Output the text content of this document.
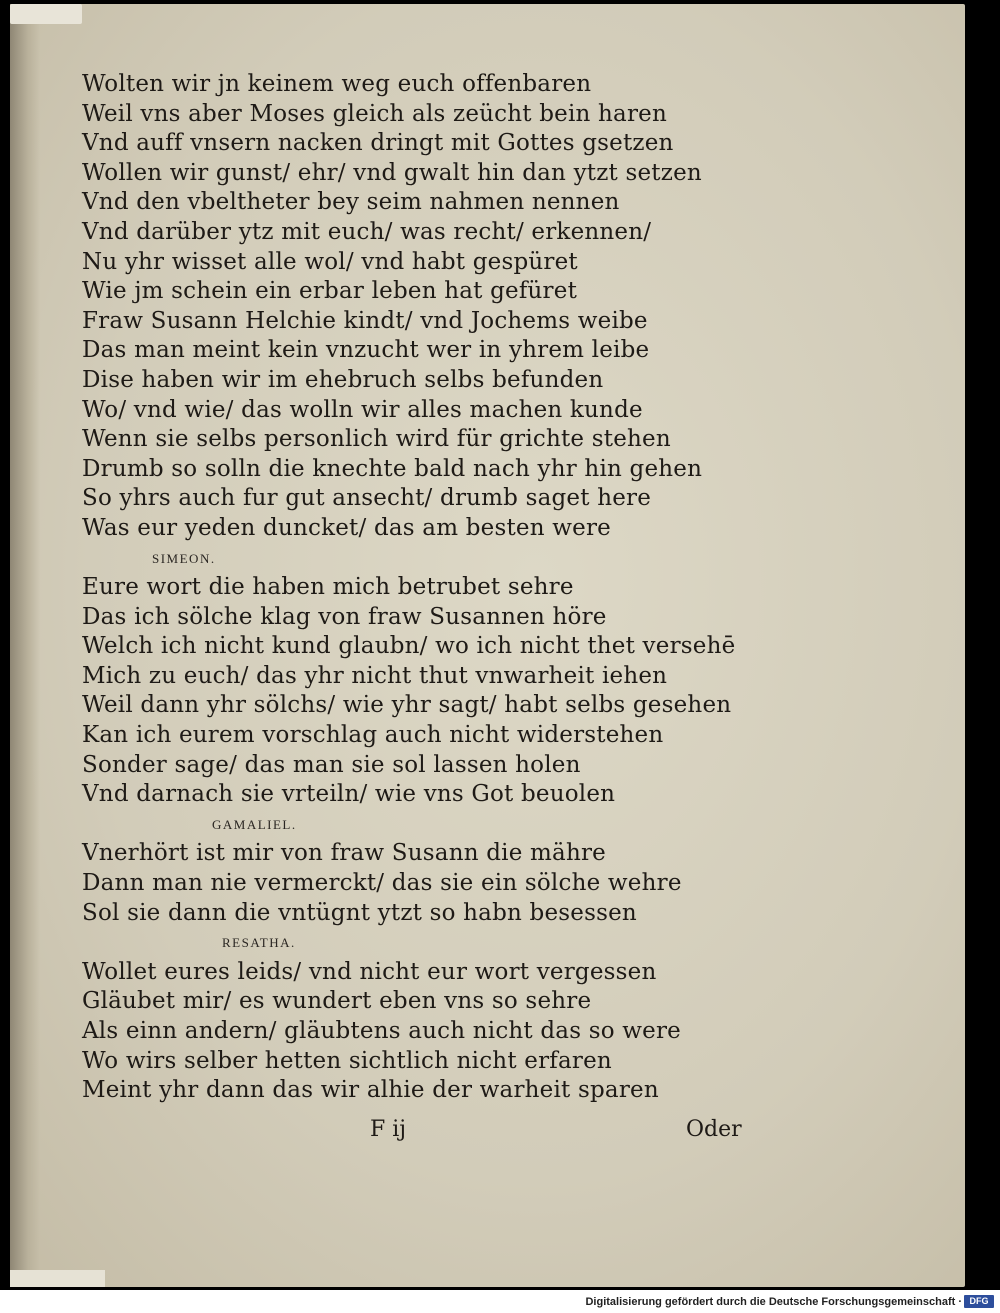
Wolten wir jn keinem weg euch offenbaren
Weil vns aber Moses gleich als zeücht bein haren
Vnd auff vnsern nacken dringt mit Gottes gsetzen
Wollen wir gunst/ ehr/ vnd gwalt hin dan ytzt setzen
Vnd den vbeltheter bey seim nahmen nennen
Vnd darüber ytz mit euch/ was recht/ erkennen/
Nu yhr wisset alle wol/ vnd habt gespüret
Wie jm schein ein erbar leben hat gefüret
Fraw Susann Helchie kindt/ vnd Jochems weibe
Das man meint kein vnzucht wer in yhrem leibe
Dise haben wir im ehebruch selbs befunden
Wo/ vnd wie/ das wolln wir alles machen kunde
Wenn sie selbs personlich wird für grichte stehen
Drumb so solln die knechte bald nach yhr hin gehen
So yhrs auch fur gut ansecht/ drumb saget here
Was eur yeden duncket/ das am besten were
SIMEON.
Eure wort die haben mich betrubet sehre
Das ich sölche klag von fraw Susannen höre
Welch ich nicht kund glaubn/ wo ich nicht thet versehē
Mich zu euch/ das yhr nicht thut vnwarheit iehen
Weil dann yhr sölchs/ wie yhr sagt/ habt selbs gesehen
Kan ich eurem vorschlag auch nicht widerstehen
Sonder sage/ das man sie sol lassen holen
Vnd darnach sie vrteiln/ wie vns Got beuolen
GAMALIEL.
Vnerhört ist mir von fraw Susann die mähre
Dann man nie vermerckt/ das sie ein sölche wehre
Sol sie dann die vntügnt ytzt so habn besessen
RESATHA.
Wollet eures leids/ vnd nicht eur wort vergessen
Gläubet mir/ es wundert eben vns so sehre
Als einn andern/ gläubtens auch nicht das so were
Wo wirs selber hetten sichtlich nicht erfaren
Meint yhr dann das wir alhie der warheit sparen
F ij	Oder
Digitalisierung gefördert durch die Deutsche Forschungsgemeinschaft · DFG
